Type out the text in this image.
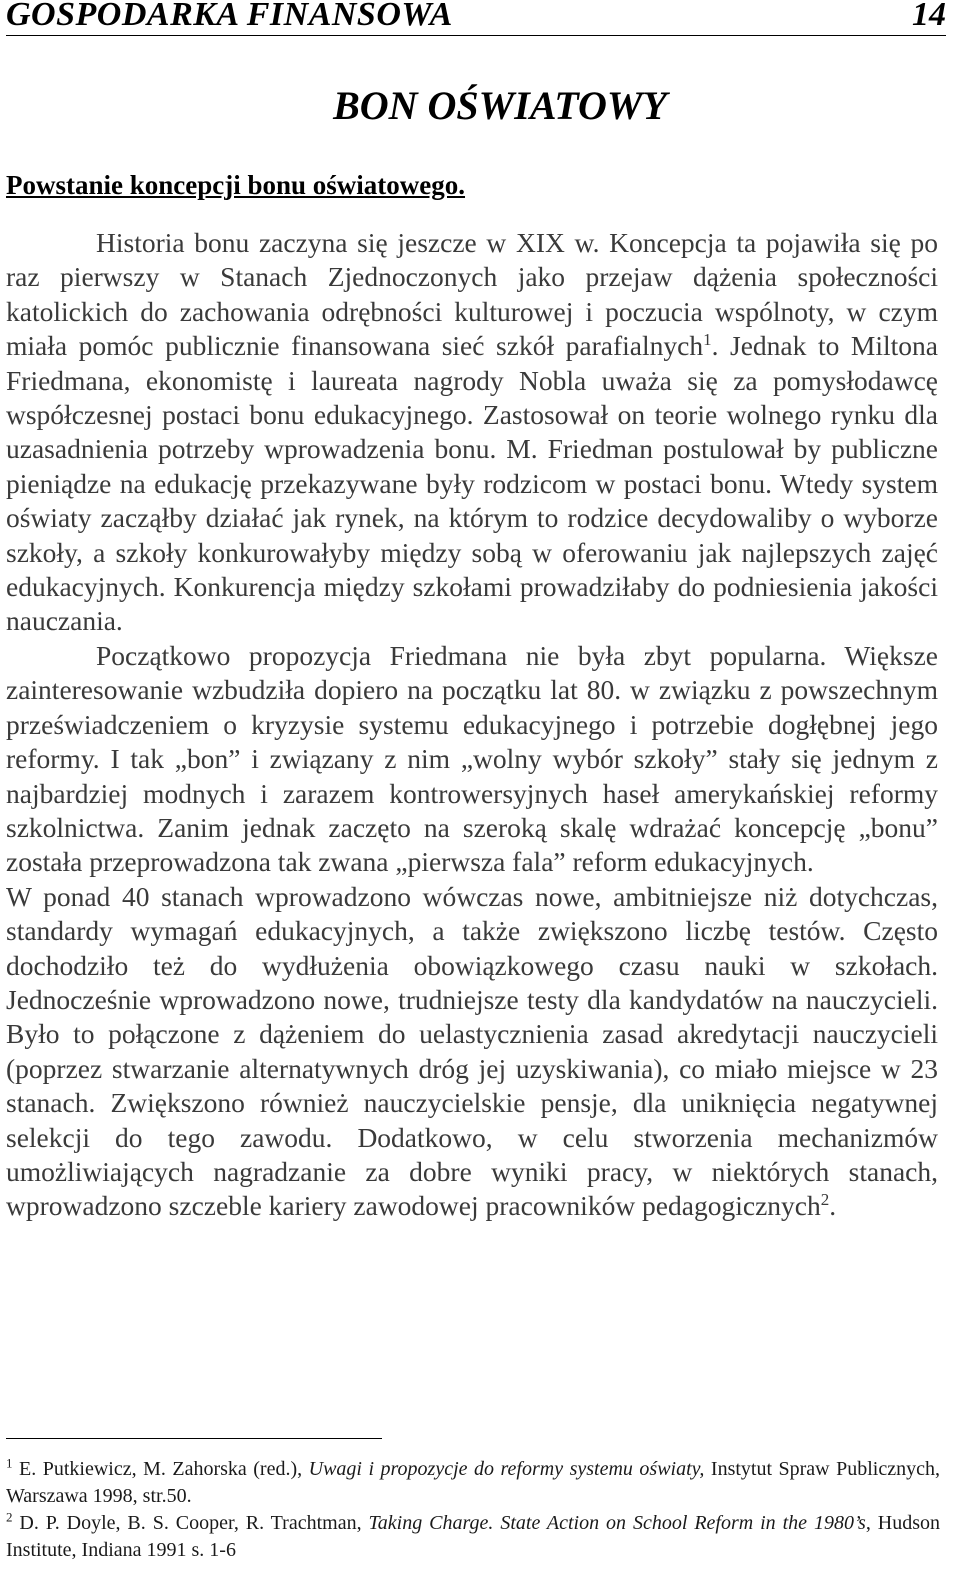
GOSPODARKA FINANSOWA	14
BON OŚWIATOWY
Powstanie koncepcji bonu oświatowego.

Historia bonu zaczyna się jeszcze w XIX w. Koncepcja ta pojawiła się po raz pierwszy w Stanach Zjednoczonych jako przejaw dążenia społeczności katolickich do zachowania odrębności kulturowej i poczucia wspólnoty, w czym miała pomóc publicznie finansowana sieć szkół parafialnych$^1$. Jednak to Miltona Friedmana, ekonomistę i laureata nagrody Nobla uważa się za pomysłodawcę współczesnej postaci bonu edukacyjnego. Zastosował on teorie wolnego rynku dla uzasadnienia potrzeby wprowadzenia bonu. M. Friedman postulował by publiczne pieniądze na edukację przekazywane były rodzicom w postaci bonu. Wtedy system oświaty zacząłby działać jak rynek, na którym to rodzice decydowaliby o wyborze szkoły, a szkoły konkurowałyby między sobą w oferowaniu jak najlepszych zajęć edukacyjnych. Konkurencja między szkołami prowadziłaby do podniesienia jakości nauczania.

Początkowo propozycja Friedmana nie była zbyt popularna. Większe zainteresowanie wzbudziła dopiero na początku lat 80. w związku z powszechnym przeświadczeniem o kryzysie systemu edukacyjnego i potrzebie dogłębnej jego reformy. I tak „bon” i związany z nim „wolny wybór szkoły” stały się jednym z najbardziej modnych i zarazem kontrowersyjnych haseł amerykańskiej reformy szkolnictwa. Zanim jednak zaczęto na szeroką skalę wdrażać koncepcję „bonu” została przeprowadzona tak zwana „pierwsza fala” reform edukacyjnych.

W ponad 40 stanach wprowadzono wówczas nowe, ambitniejsze niż dotychczas, standardy wymagań edukacyjnych, a także zwiększono liczbę testów. Często dochodziło też do wydłużenia obowiązkowego czasu nauki w szkołach. Jednocześnie wprowadzono nowe, trudniejsze testy dla kandydatów na nauczycieli. Było to połączone z dążeniem do uelastycznienia zasad akredytacji nauczycieli (poprzez stwarzanie alternatywnych dróg jej uzyskiwania), co miało miejsce w 23 stanach. Zwiększono również nauczycielskie pensje, dla uniknięcia negatywnej selekcji do tego zawodu. Dodatkowo, w celu stworzenia mechanizmów umożliwiających nagradzanie za dobre wyniki pracy, w niektórych stanach, wprowadzono szczeble kariery zawodowej pracowników pedagogicznych$^2$.

$^1$ E. Putkiewicz, M. Zahorska (red.), Uwagi i propozycje do reformy systemu oświaty, Instytut Spraw Publicznych, Warszawa 1998, str.50.

$^2$ D. P. Doyle, B. S. Cooper, R. Trachtman, Taking Charge. State Action on School Reform in the 1980’s, Hudson Institute, Indiana 1991 s. 1-6
